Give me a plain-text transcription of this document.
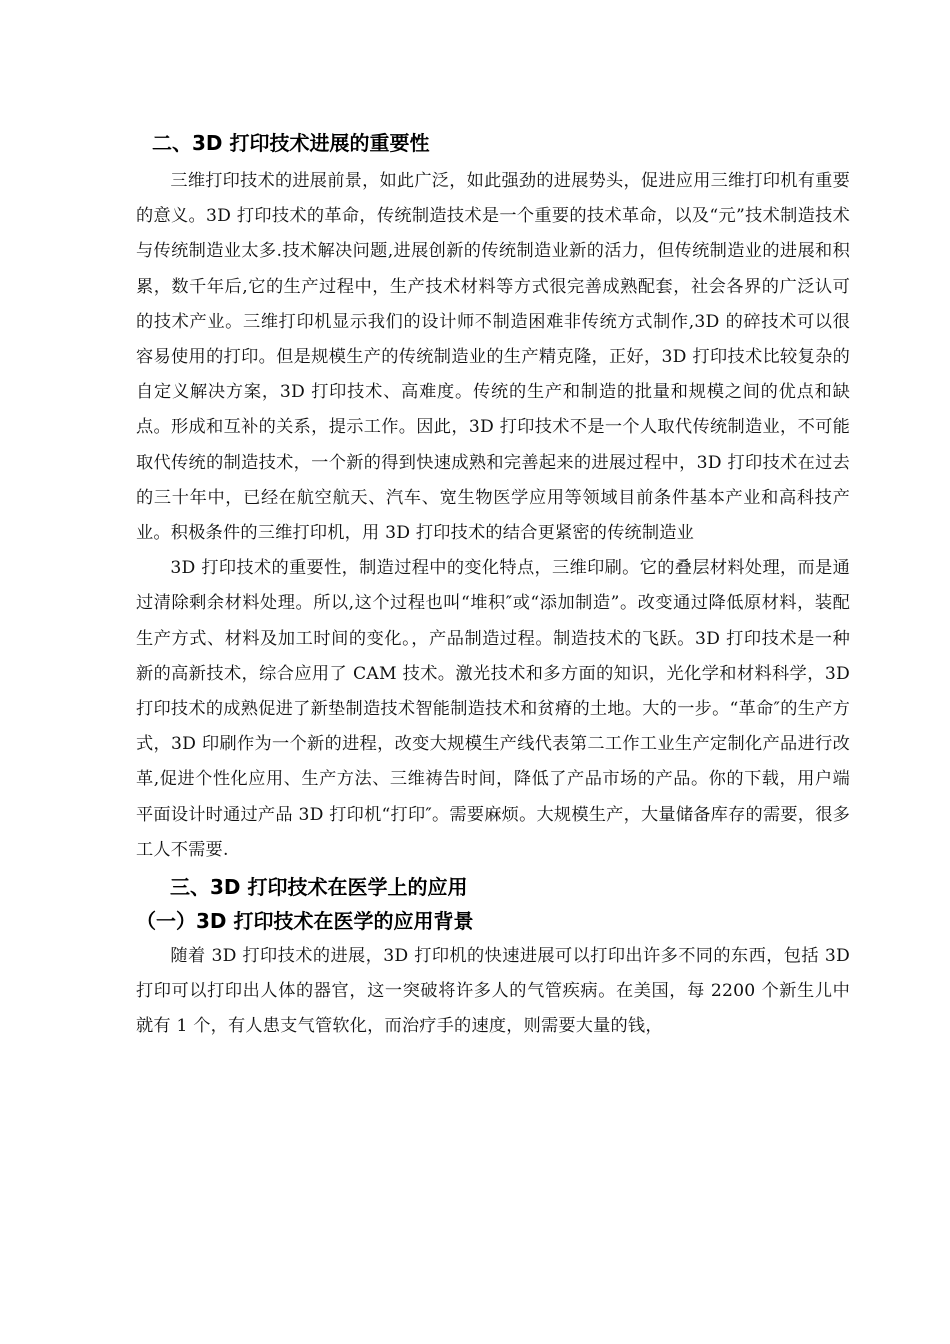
二、3D 打印技术进展的重要性

三维打印技术的进展前景，如此广泛，如此强劲的进展势头，促进应用三维打印机有重要的意义。3D 打印技术的革命，传统制造技术是一个重要的技术革命，以及“元”技术制造技术与传统制造业太多.技术解决问题,进展创新的传统制造业新的活力，但传统制造业的进展和积累，数千年后,它的生产过程中，生产技术材料等方式很完善成熟配套，社会各界的广泛认可的技术产业。三维打印机显示我们的设计师不制造困难非传统方式制作,3D 的碎技术可以很容易使用的打印。但是规模生产的传统制造业的生产精克隆，正好，3D 打印技术比较复杂的自定义解决方案，3D 打印技术、高难度。传统的生产和制造的批量和规模之间的优点和缺点。形成和互补的关系，提示工作。因此，3D 打印技术不是一个人取代传统制造业，不可能取代传统的制造技术，一个新的得到快速成熟和完善起来的进展过程中，3D 打印技术在过去的三十年中，已经在航空航天、汽车、宽生物医学应用等领域目前条件基本产业和高科技产业。积极条件的三维打印机，用 3D 打印技术的结合更紧密的传统制造业

3D 打印技术的重要性，制造过程中的变化特点，三维印刷。它的叠层材料处理，而是通过清除剩余材料处理。所以,这个过程也叫“堆积″或“添加制造”。改变通过降低原材料，装配生产方式、材料及加工时间的变化。，产品制造过程。制造技术的飞跃。3D 打印技术是一种新的高新技术，综合应用了 CAM 技术。激光技术和多方面的知识，光化学和材料科学，3D 打印技术的成熟促进了新垫制造技术智能制造技术和贫瘠的土地。大的一步。“革命″的生产方式，3D 印刷作为一个新的进程，改变大规模生产线代表第二工作工业生产定制化产品进行改革,促进个性化应用、生产方法、三维祷告时间，降低了产品市场的产品。你的下载，用户端平面设计时通过产品 3D 打印机“打印″。需要麻烦。大规模生产，大量储备库存的需要，很多工人不需要.

三、3D 打印技术在医学上的应用
（一）3D 打印技术在医学的应用背景

随着 3D 打印技术的进展，3D 打印机的快速进展可以打印出许多不同的东西，包括 3D 打印可以打印出人体的器官，这一突破将许多人的气管疾病。在美国，每 2200 个新生儿中就有 1 个，有人患支气管软化，而治疗手的速度，则需要大量的钱，
